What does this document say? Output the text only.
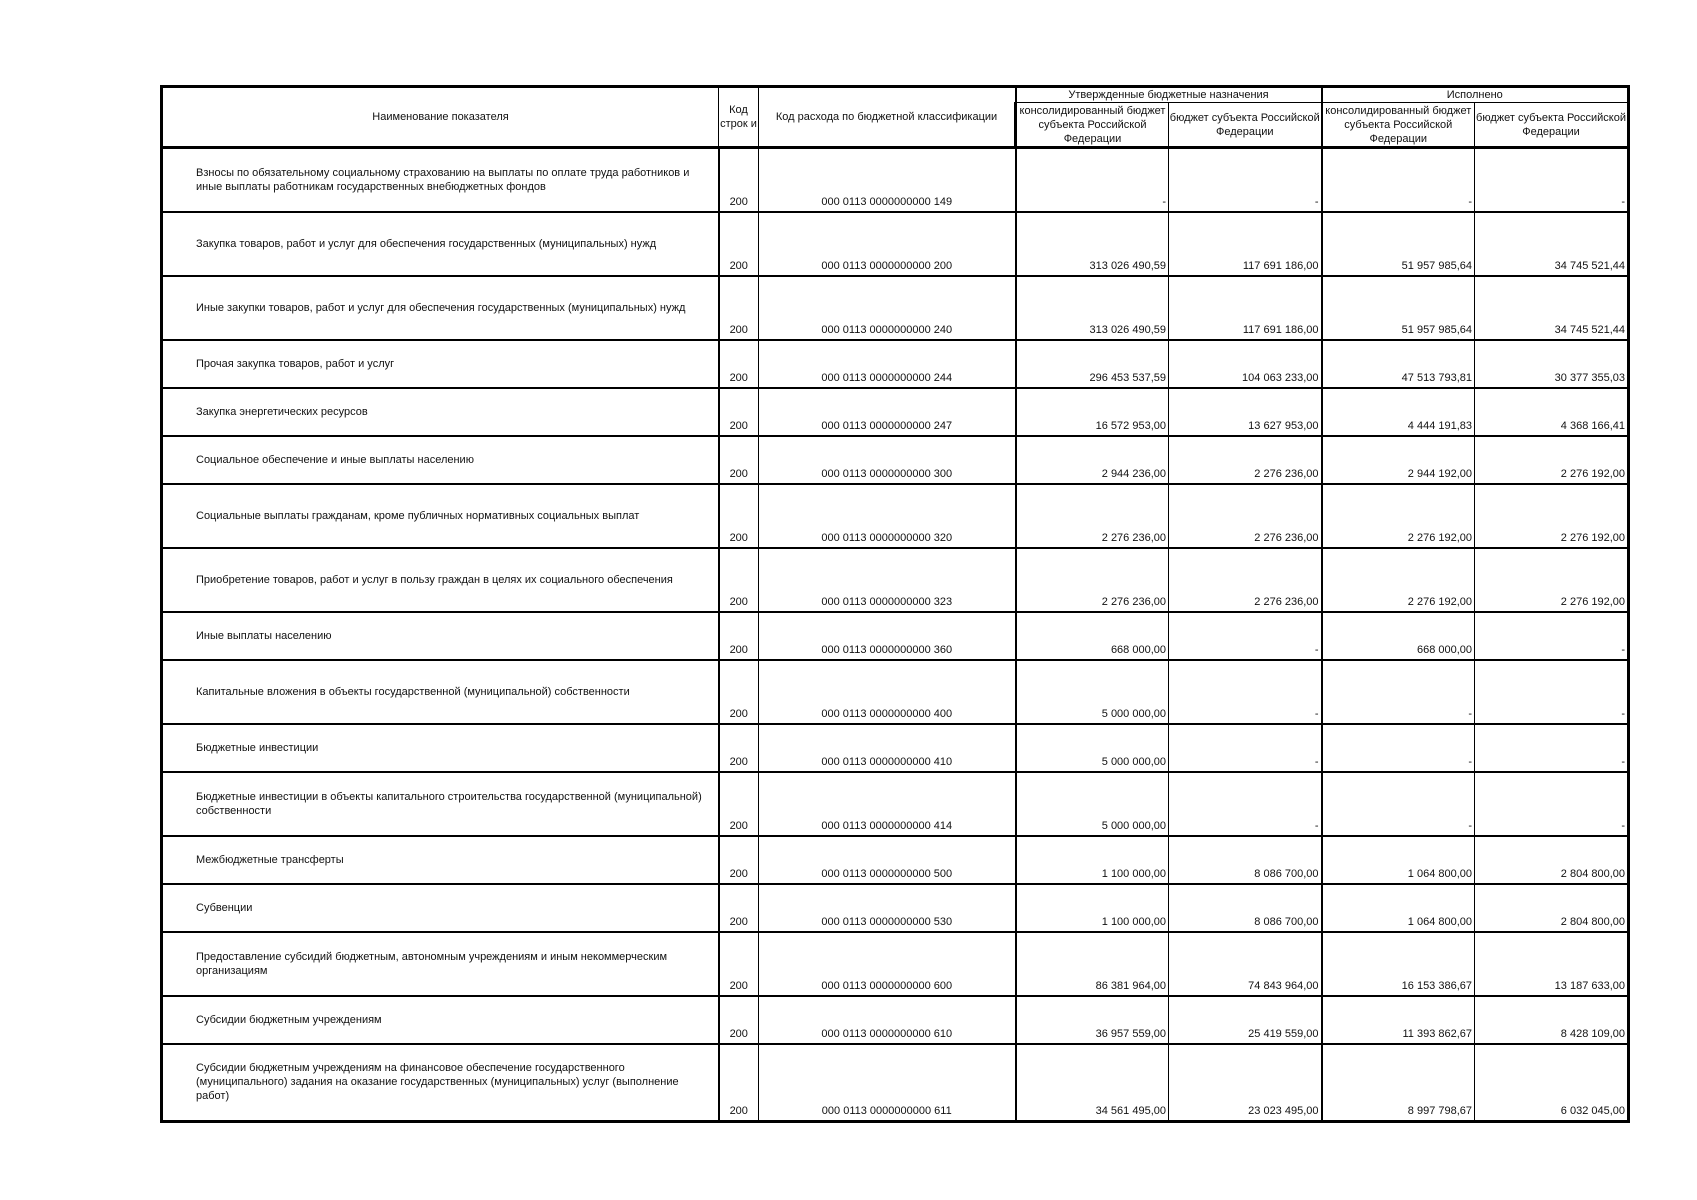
Наименование показателя	Код строк и	Код расхода по бюджетной классификации	Утвержденные бюджетные назначения		Исполнено	
			консолидированный бюджет субъекта Российской Федерации	бюджет субъекта Российской Федерации	консолидированный бюджет субъекта Российской Федерации	бюджет субъекта Российской Федерации
Взносы по обязательному социальному страхованию на выплаты по оплате труда работников и иные выплаты работникам государственных внебюджетных фондов	200	000 0113 0000000000 149	-	-	-	-
Закупка товаров, работ и услуг для обеспечения государственных (муниципальных) нужд	200	000 0113 0000000000 200	313 026 490,59	117 691 186,00	51 957 985,64	34 745 521,44
Иные закупки товаров, работ и услуг для обеспечения государственных (муниципальных) нужд	200	000 0113 0000000000 240	313 026 490,59	117 691 186,00	51 957 985,64	34 745 521,44
Прочая закупка товаров, работ и услуг	200	000 0113 0000000000 244	296 453 537,59	104 063 233,00	47 513 793,81	30 377 355,03
Закупка энергетических ресурсов	200	000 0113 0000000000 247	16 572 953,00	13 627 953,00	4 444 191,83	4 368 166,41
Социальное обеспечение и иные выплаты населению	200	000 0113 0000000000 300	2 944 236,00	2 276 236,00	2 944 192,00	2 276 192,00
Социальные выплаты гражданам, кроме публичных нормативных социальных выплат	200	000 0113 0000000000 320	2 276 236,00	2 276 236,00	2 276 192,00	2 276 192,00
Приобретение товаров, работ и услуг в пользу граждан в целях их социального обеспечения	200	000 0113 0000000000 323	2 276 236,00	2 276 236,00	2 276 192,00	2 276 192,00
Иные выплаты населению	200	000 0113 0000000000 360	668 000,00	-	668 000,00	-
Капитальные вложения в объекты государственной (муниципальной) собственности	200	000 0113 0000000000 400	5 000 000,00	-	-	-
Бюджетные инвестиции	200	000 0113 0000000000 410	5 000 000,00	-	-	-
Бюджетные инвестиции в объекты капитального строительства государственной (муниципальной) собственности	200	000 0113 0000000000 414	5 000 000,00	-	-	-
Межбюджетные трансферты	200	000 0113 0000000000 500	1 100 000,00	8 086 700,00	1 064 800,00	2 804 800,00
Субвенции	200	000 0113 0000000000 530	1 100 000,00	8 086 700,00	1 064 800,00	2 804 800,00
Предоставление субсидий бюджетным, автономным учреждениям и иным некоммерческим организациям	200	000 0113 0000000000 600	86 381 964,00	74 843 964,00	16 153 386,67	13 187 633,00
Субсидии бюджетным учреждениям	200	000 0113 0000000000 610	36 957 559,00	25 419 559,00	11 393 862,67	8 428 109,00
Субсидии бюджетным учреждениям на финансовое обеспечение государственного (муниципального) задания на оказание государственных (муниципальных) услуг (выполнение работ)	200	000 0113 0000000000 611	34 561 495,00	23 023 495,00	8 997 798,67	6 032 045,00
